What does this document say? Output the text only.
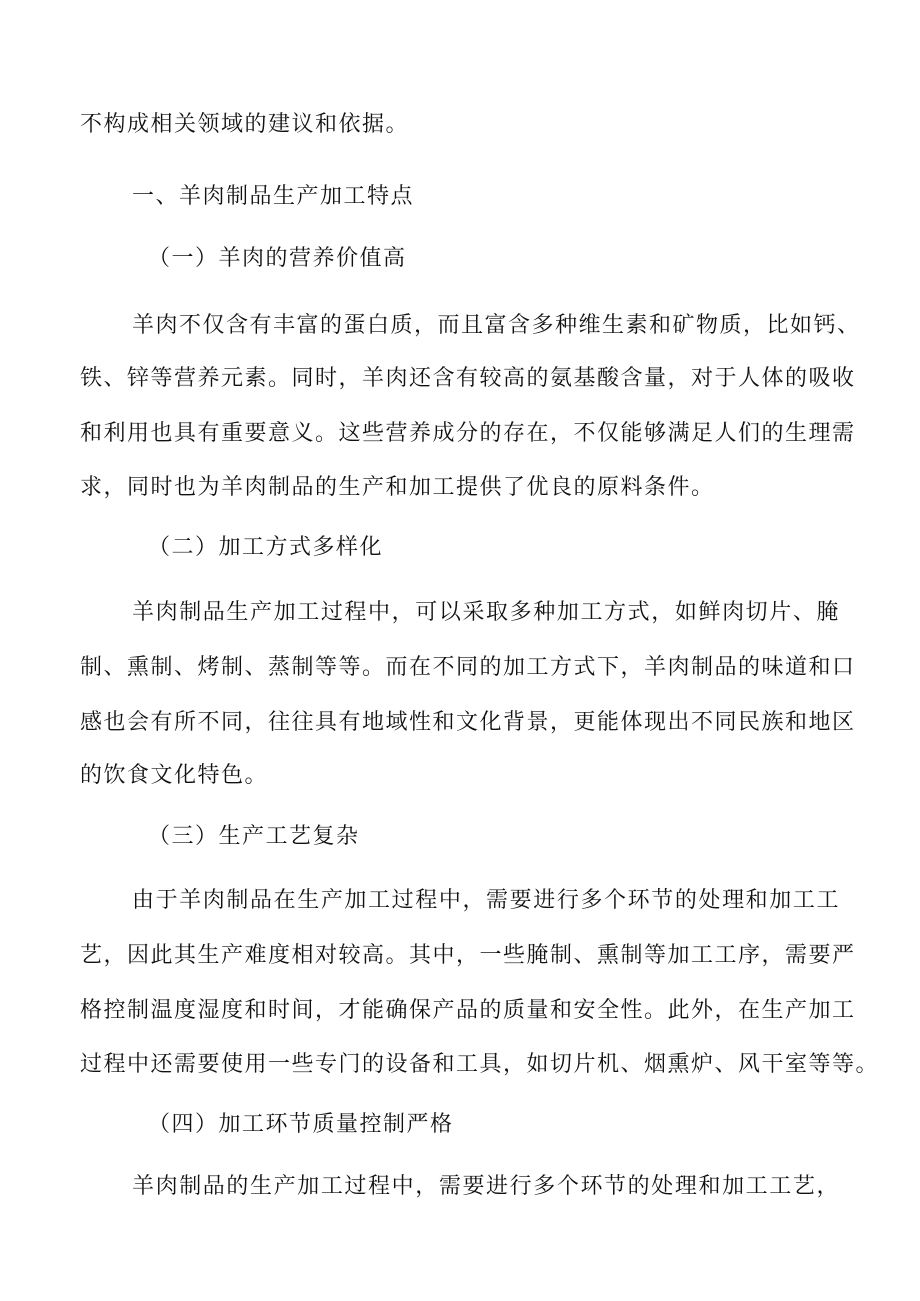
不构成相关领域的建议和依据。
一、羊肉制品生产加工特点
（一）羊肉的营养价值高
羊肉不仅含有丰富的蛋白质，而且富含多种维生素和矿物质，比如钙、
铁、锌等营养元素。同时，羊肉还含有较高的氨基酸含量，对于人体的吸收
和利用也具有重要意义。这些营养成分的存在，不仅能够满足人们的生理需
求，同时也为羊肉制品的生产和加工提供了优良的原料条件。
（二）加工方式多样化
羊肉制品生产加工过程中，可以采取多种加工方式，如鲜肉切片、腌
制、熏制、烤制、蒸制等等。而在不同的加工方式下，羊肉制品的味道和口
感也会有所不同，往往具有地域性和文化背景，更能体现出不同民族和地区
的饮食文化特色。
（三）生产工艺复杂
由于羊肉制品在生产加工过程中，需要进行多个环节的处理和加工工
艺，因此其生产难度相对较高。其中，一些腌制、熏制等加工工序，需要严
格控制温度湿度和时间，才能确保产品的质量和安全性。此外，在生产加工
过程中还需要使用一些专门的设备和工具，如切片机、烟熏炉、风干室等等。
（四）加工环节质量控制严格
羊肉制品的生产加工过程中，需要进行多个环节的处理和加工工艺，
